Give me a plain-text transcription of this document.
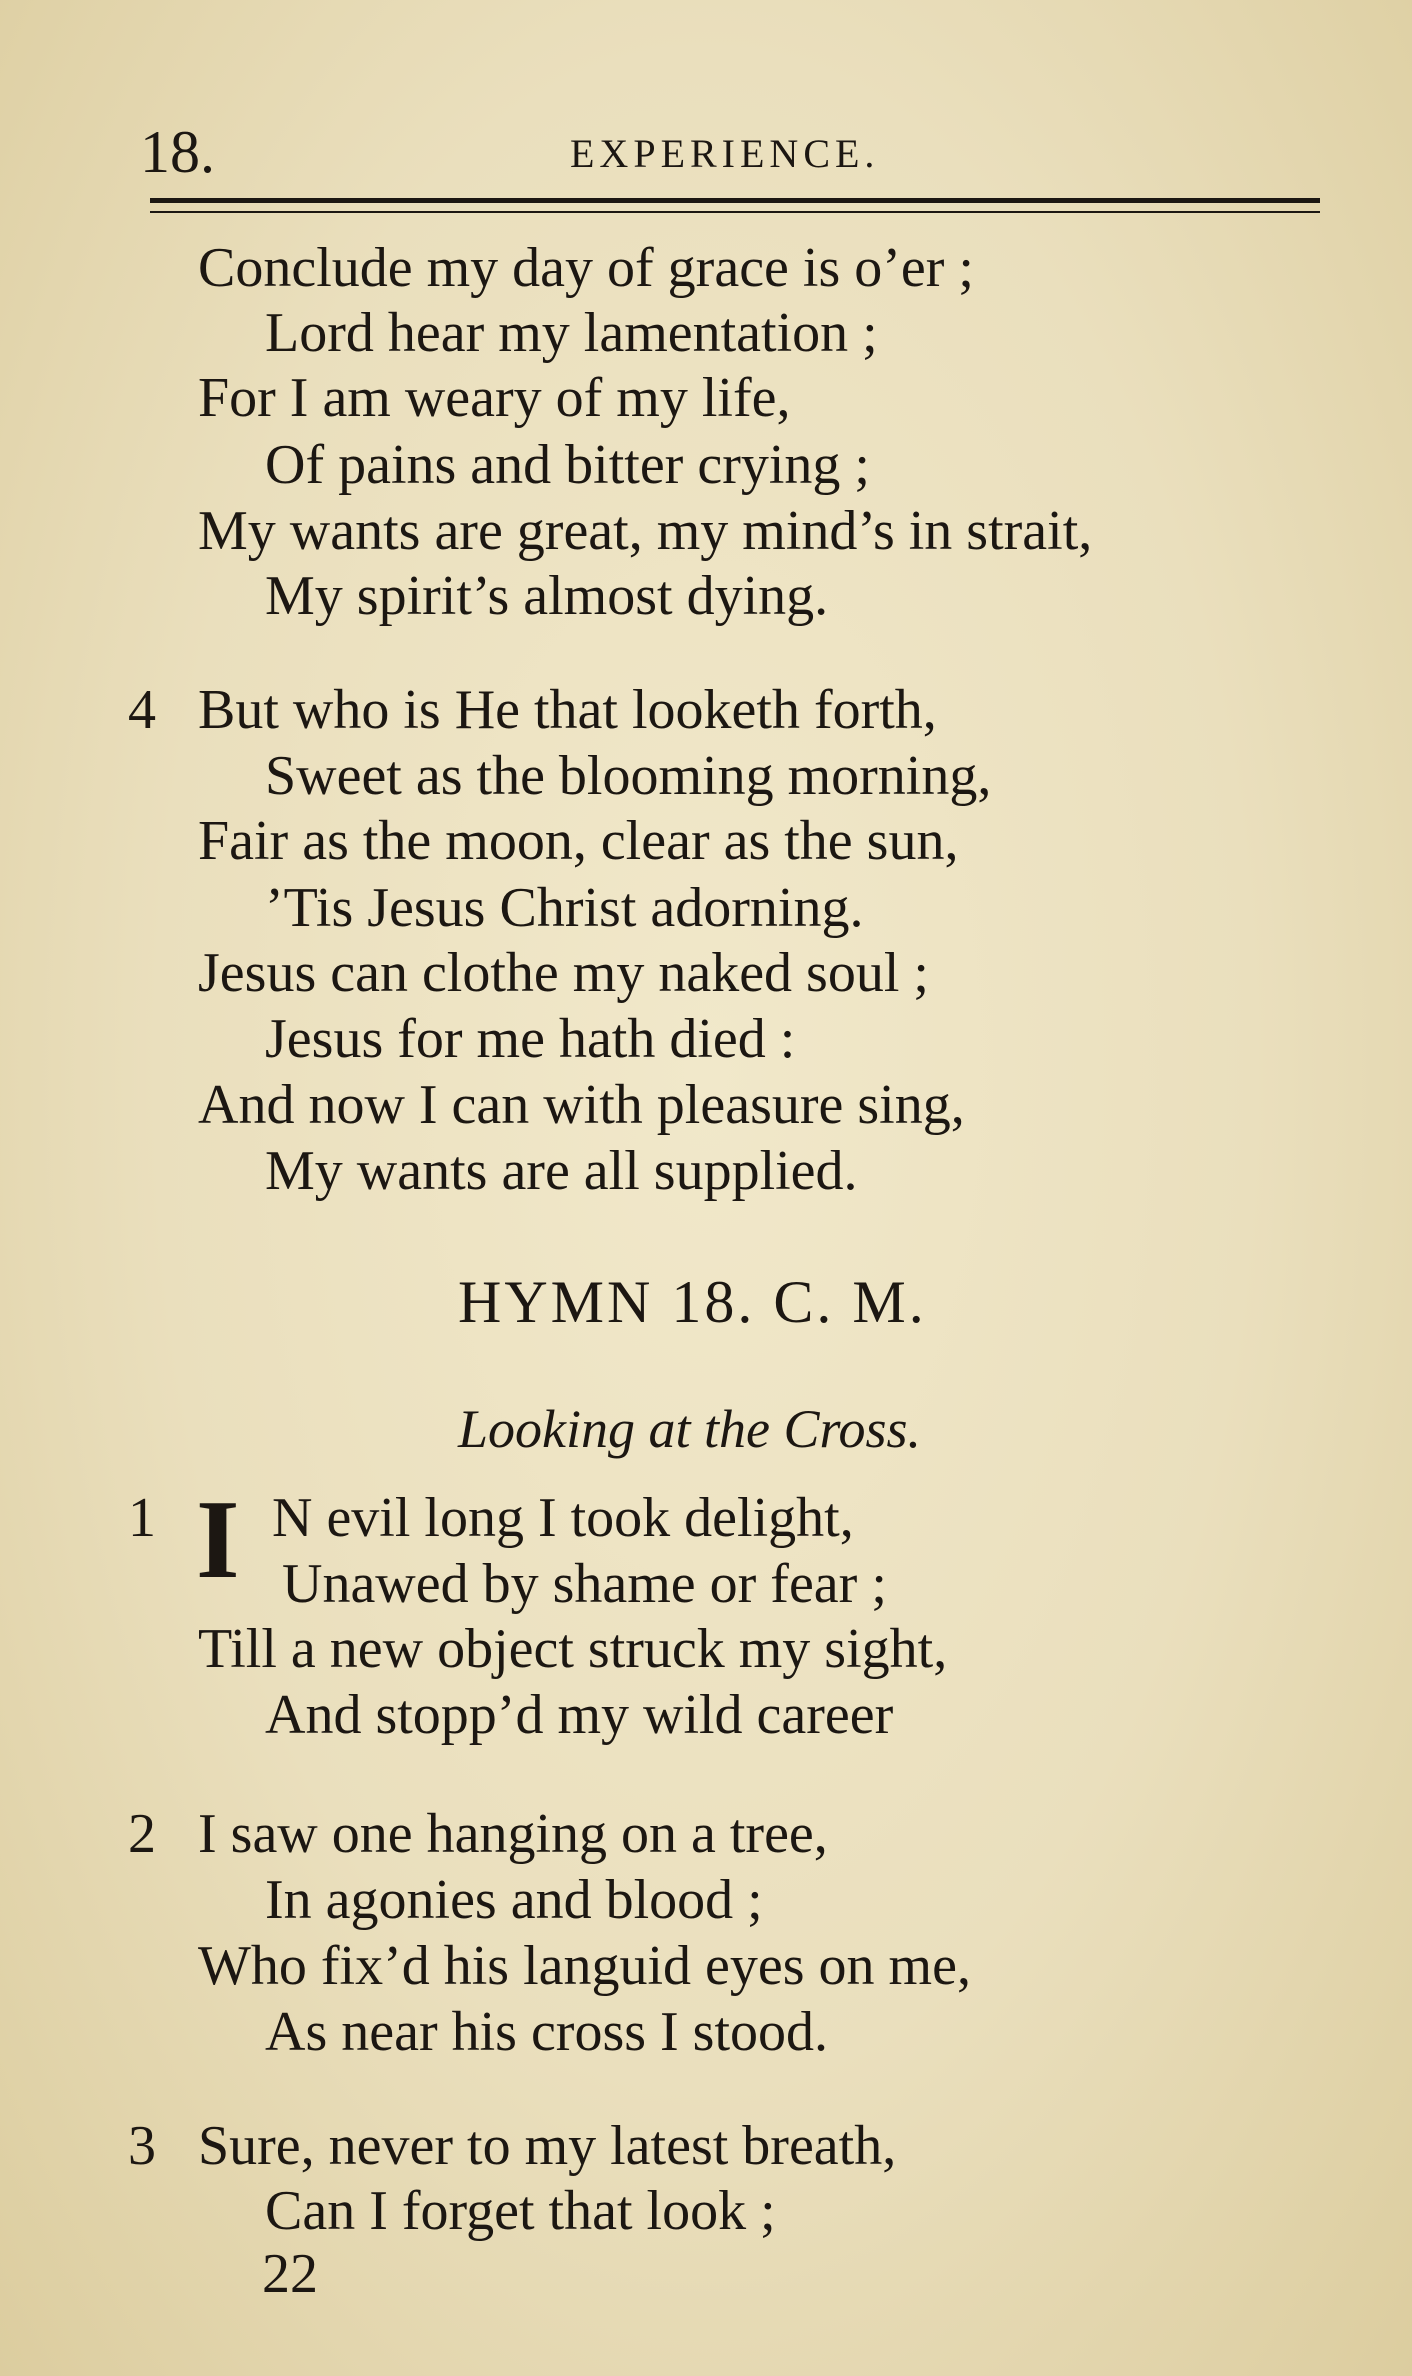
18.	EXPERIENCE.
Conclude my day of grace is o’er ;
Lord hear my lamentation ;
For I am weary of my life,
Of pains and bitter crying ;
My wants are great, my mind’s in strait,
My spirit’s almost dying.
4 But who is He that looketh forth,
Sweet as the blooming morning,
Fair as the moon, clear as the sun,
’Tis Jesus Christ adorning.
Jesus can clothe my naked soul ;
Jesus for me hath died :
And now I can with pleasure sing,
My wants are all supplied.
HYMN 18. C. M.
Looking at the Cross.
1 I N evil long I took delight,
Unawed by shame or fear ;
Till a new object struck my sight,
And stopp’d my wild career
2 I saw one hanging on a tree,
In agonies and blood ;
Who fix’d his languid eyes on me,
As near his cross I stood.
3 Sure, never to my latest breath,
Can I forget that look ;
22
